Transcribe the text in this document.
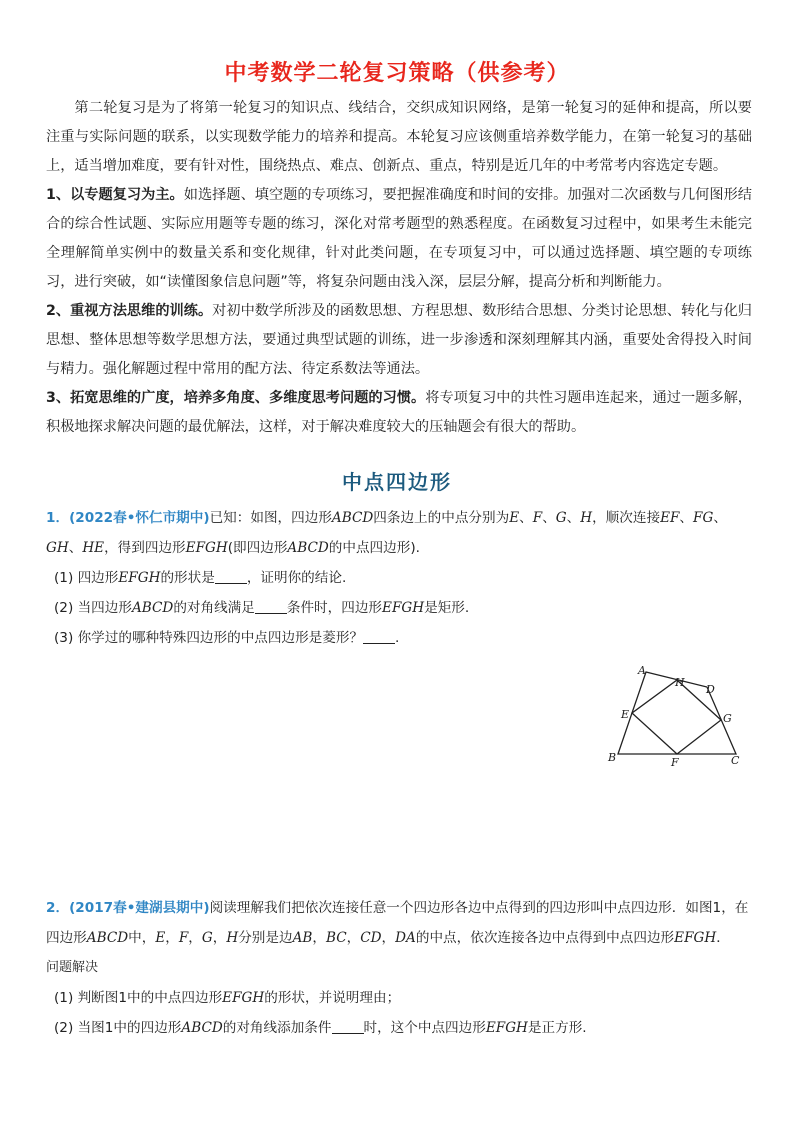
中考数学二轮复习策略（供参考）

第二轮复习是为了将第一轮复习的知识点、线结合，交织成知识网络，是第一轮复习的延伸和提高，所以要注重与实际问题的联系，以实现数学能力的培养和提高。本轮复习应该侧重培养数学能力，在第一轮复习的基础上，适当增加难度，要有针对性，围绕热点、难点、创新点、重点，特别是近几年的中考常考内容选定专题。

1、以专题复习为主。如选择题、填空题的专项练习，要把握准确度和时间的安排。加强对二次函数与几何图形结合的综合性试题、实际应用题等专题的练习，深化对常考题型的熟悉程度。在函数复习过程中，如果考生未能完全理解简单实例中的数量关系和变化规律，针对此类问题，在专项复习中，可以通过选择题、填空题的专项练习，进行突破，如“读懂图象信息问题”等，将复杂问题由浅入深，层层分解，提高分析和判断能力。

2、重视方法思维的训练。对初中数学所涉及的函数思想、方程思想、数形结合思想、分类讨论思想、转化与化归思想、整体思想等数学思想方法，要通过典型试题的训练，进一步渗透和深刻理解其内涵，重要处舍得投入时间与精力。强化解题过程中常用的配方法、待定系数法等通法。

3、拓宽思维的广度，培养多角度、多维度思考问题的习惯。将专项复习中的共性习题串连起来，通过一题多解，积极地探求解决问题的最优解法，这样，对于解决难度较大的压轴题会有很大的帮助。

中点四边形

1．(2022春•怀仁市期中)已知：如图，四边形ABCD四条边上的中点分别为E、F、G、H，顺次连接EF、FG、GH、HE，得到四边形EFGH(即四边形ABCD的中点四边形).

(1) 四边形EFGH的形状是 ，证明你的结论.

(2) 当四边形ABCD的对角线满足 条件时，四边形EFGH是矩形.

(3) 你学过的哪种特殊四边形的中点四边形是菱形？ .

A
B	C
D
E
F
G
H

2．(2017春•建湖县期中)阅读理解我们把依次连接任意一个四边形各边中点得到的四边形叫中点四边形．如图1，在四边形ABCD中，E，F，G，H分别是边AB，BC，CD，DA的中点，依次连接各边中点得到中点四边形EFGH．

问题解决

(1) 判断图1中的中点四边形EFGH的形状，并说明理由；

(2) 当图1中的四边形ABCD的对角线添加条件 时，这个中点四边形EFGH是正方形.
